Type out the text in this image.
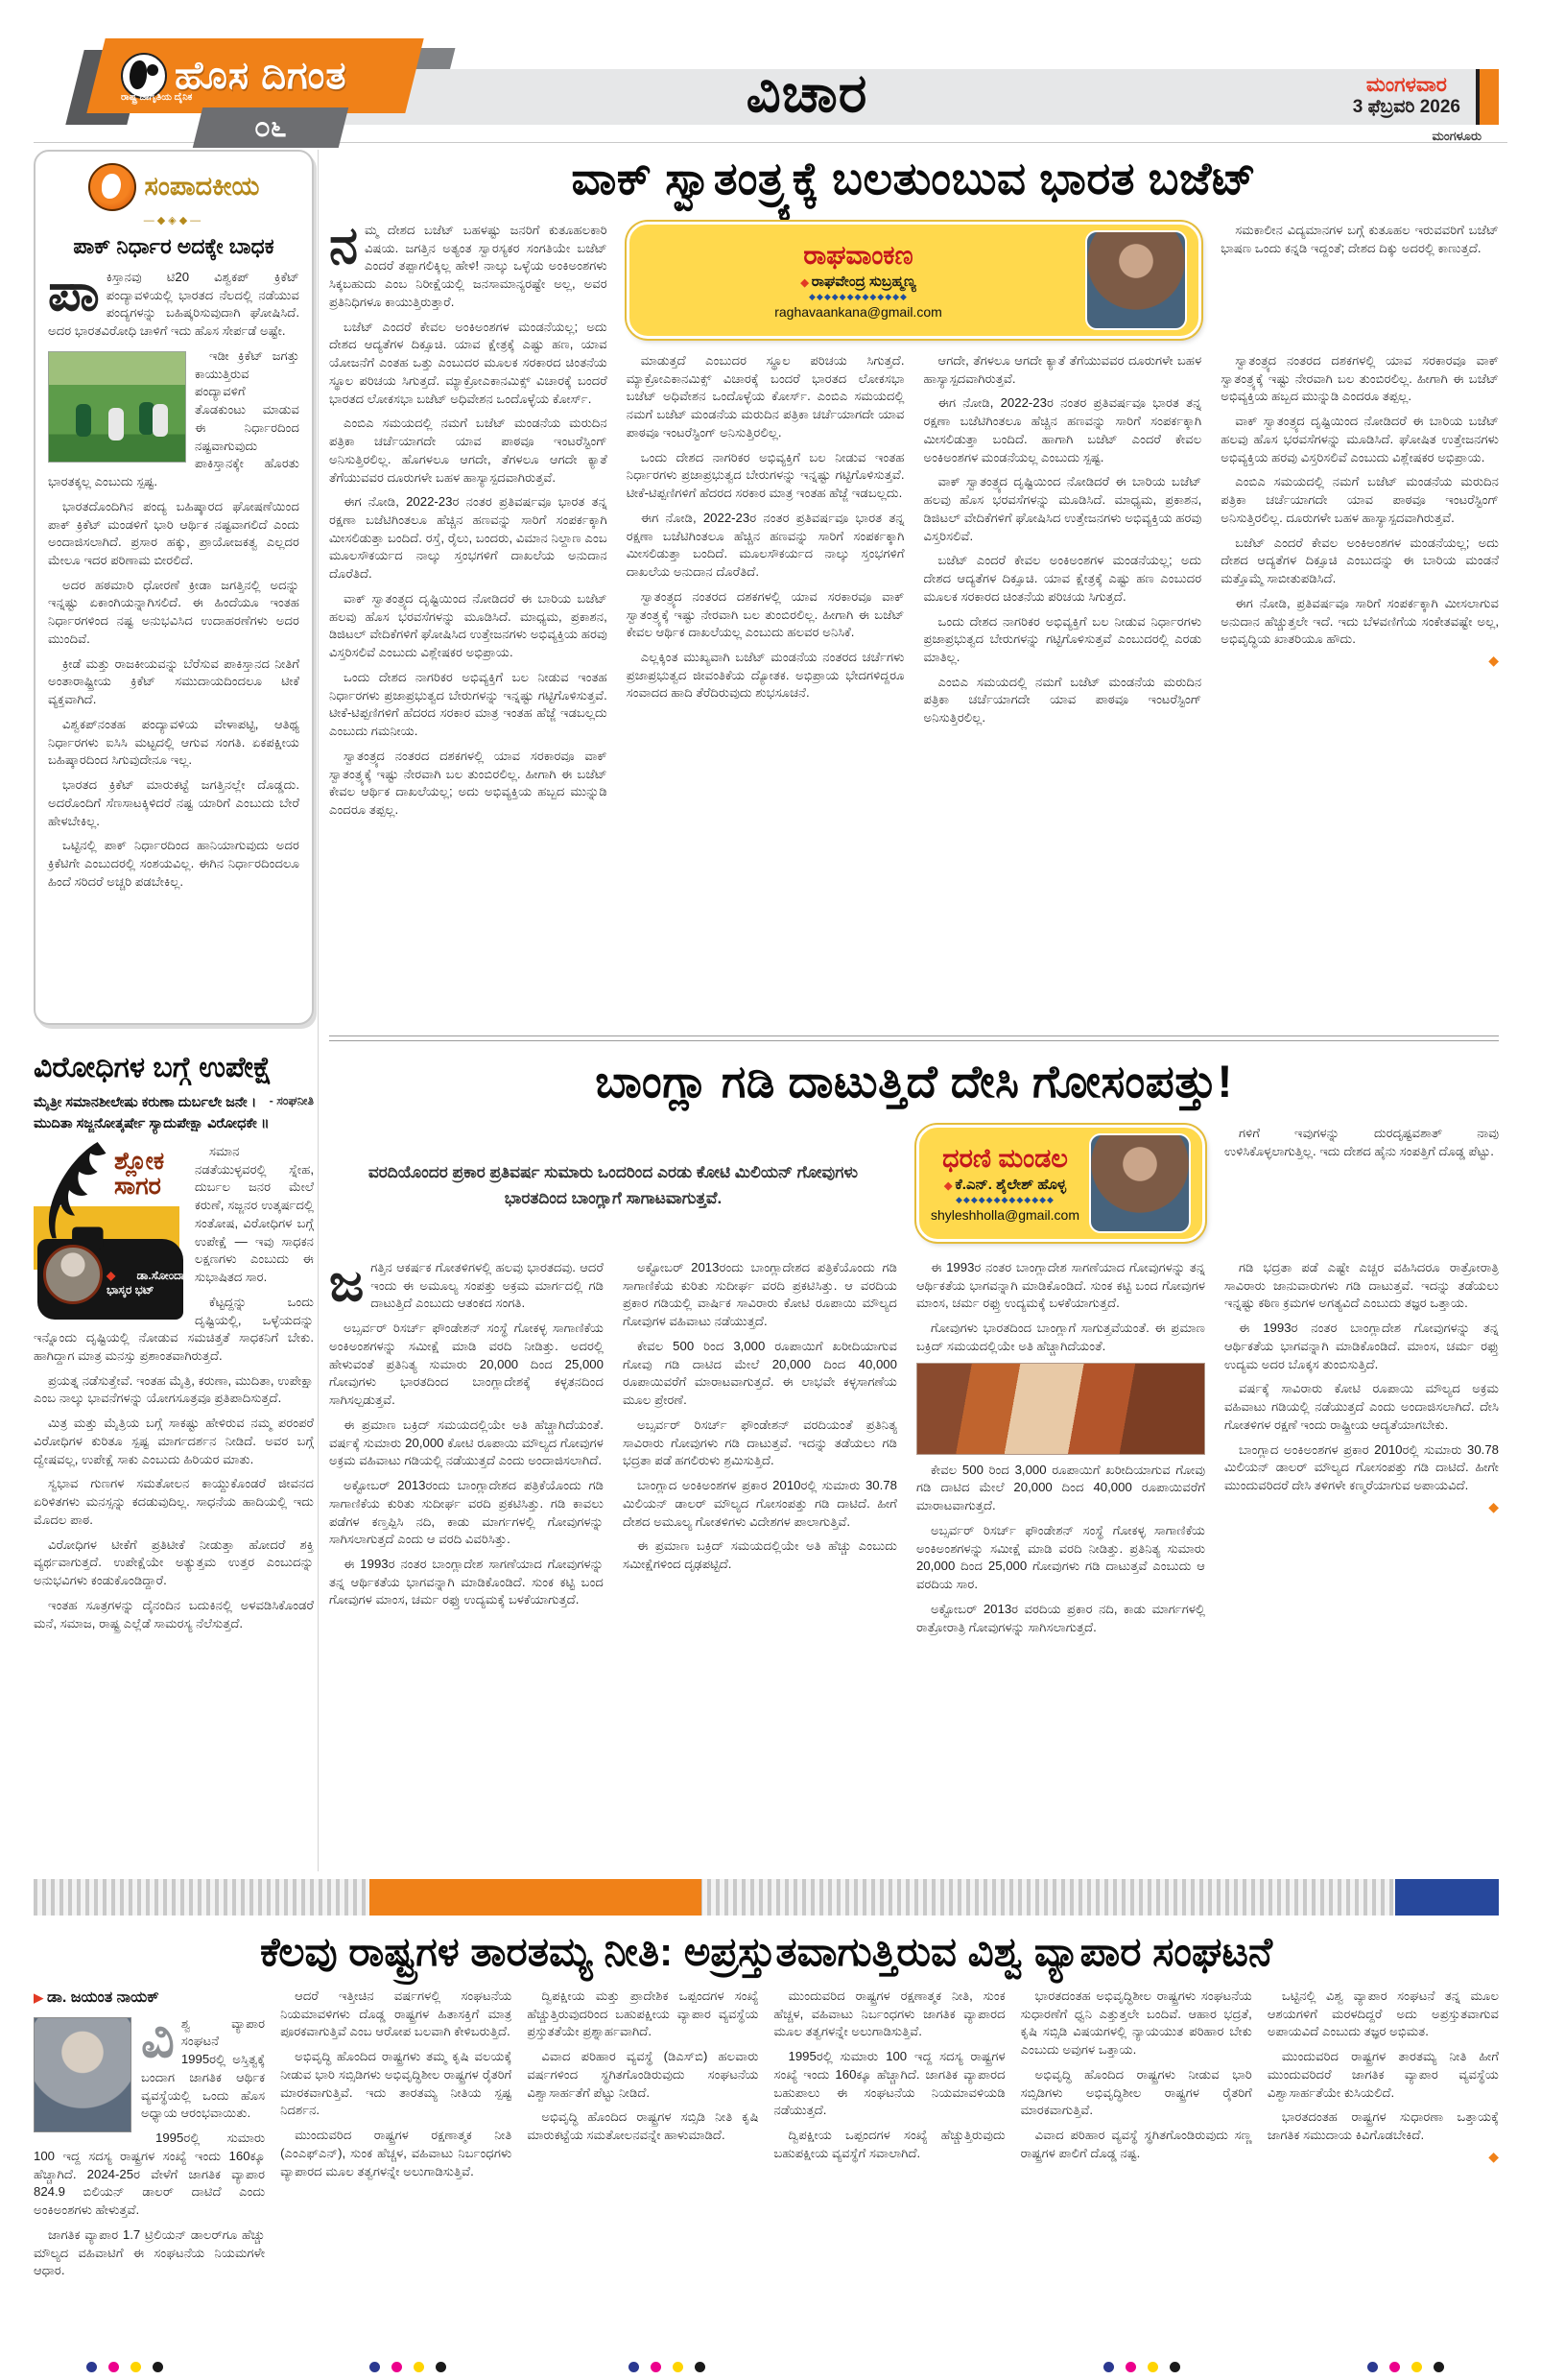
ಹೊಸ ದಿಗಂತ
ರಾಷ್ಟ್ರ ಜಾಗೃತಿಯ ದೈನಿಕ
೦೬
ವಿಚಾರ	ಮಂಗಳವಾರ
3 ಫೆಬ್ರವರಿ 2026
ಮಂಗಳೂರು
ಸಂಪಾದಕೀಯ
—◆◈◆—
ಪಾಕ್ ನಿರ್ಧಾರ ಅದಕ್ಕೇ ಬಾಧಕ

ಪಾಕಿಸ್ತಾನವು ಟಿ20 ವಿಶ್ವಕಪ್ ಕ್ರಿಕೆಟ್ ಪಂದ್ಯಾವಳಿಯಲ್ಲಿ ಭಾರತದ ನೆಲದಲ್ಲಿ ನಡೆಯುವ ಪಂದ್ಯಗಳನ್ನು ಬಹಿಷ್ಕರಿಸುವುದಾಗಿ ಘೋಷಿಸಿದೆ. ಅದರ ಭಾರತವಿರೋಧಿ ಚಾಳಿಗೆ ಇದು ಹೊಸ ಸೇರ್ಪಡೆ ಅಷ್ಟೇ.

ಇಡೀ ಕ್ರಿಕೆಟ್ ಜಗತ್ತು ಕಾಯುತ್ತಿರುವ ಪಂದ್ಯಾವಳಿಗೆ ತೊಡಕುಂಟು ಮಾಡುವ ಈ ನಿರ್ಧಾರದಿಂದ ನಷ್ಟವಾಗುವುದು ಪಾಕಿಸ್ತಾನಕ್ಕೇ ಹೊರತು ಭಾರತಕ್ಕಲ್ಲ ಎಂಬುದು ಸ್ಪಷ್ಟ.

ಭಾರತದೊಂದಿಗಿನ ಪಂದ್ಯ ಬಹಿಷ್ಕಾರದ ಘೋಷಣೆಯಿಂದ ಪಾಕ್ ಕ್ರಿಕೆಟ್ ಮಂಡಳಿಗೆ ಭಾರಿ ಆರ್ಥಿಕ ನಷ್ಟವಾಗಲಿದೆ ಎಂದು ಅಂದಾಜಿಸಲಾಗಿದೆ. ಪ್ರಸಾರ ಹಕ್ಕು, ಪ್ರಾಯೋಜಕತ್ವ ಎಲ್ಲದರ ಮೇಲೂ ಇದರ ಪರಿಣಾಮ ಬೀರಲಿದೆ.

ಅದರ ಹಠಮಾರಿ ಧೋರಣೆ ಕ್ರೀಡಾ ಜಗತ್ತಿನಲ್ಲಿ ಅದನ್ನು ಇನ್ನಷ್ಟು ಏಕಾಂಗಿಯನ್ನಾಗಿಸಲಿದೆ. ಈ ಹಿಂದೆಯೂ ಇಂತಹ ನಿರ್ಧಾರಗಳಿಂದ ನಷ್ಟ ಅನುಭವಿಸಿದ ಉದಾಹರಣೆಗಳು ಅದರ ಮುಂದಿವೆ.

ಕ್ರೀಡೆ ಮತ್ತು ರಾಜಕೀಯವನ್ನು ಬೆರೆಸುವ ಪಾಕಿಸ್ತಾನದ ನೀತಿಗೆ ಅಂತಾರಾಷ್ಟ್ರೀಯ ಕ್ರಿಕೆಟ್ ಸಮುದಾಯದಿಂದಲೂ ಟೀಕೆ ವ್ಯಕ್ತವಾಗಿದೆ.

ವಿಶ್ವಕಪ್‌ನಂತಹ ಪಂದ್ಯಾವಳಿಯ ವೇಳಾಪಟ್ಟಿ, ಆತಿಥ್ಯ ನಿರ್ಧಾರಗಳು ಐಸಿಸಿ ಮಟ್ಟದಲ್ಲಿ ಆಗುವ ಸಂಗತಿ. ಏಕಪಕ್ಷೀಯ ಬಹಿಷ್ಕಾರದಿಂದ ಸಿಗುವುದೇನೂ ಇಲ್ಲ.

ಭಾರತದ ಕ್ರಿಕೆಟ್ ಮಾರುಕಟ್ಟೆ ಜಗತ್ತಿನಲ್ಲೇ ದೊಡ್ಡದು. ಅದರೊಂದಿಗೆ ಸೆಣಸಾಟಕ್ಕಿಳಿದರೆ ನಷ್ಟ ಯಾರಿಗೆ ಎಂಬುದು ಬೇರೆ ಹೇಳಬೇಕಿಲ್ಲ.

ಒಟ್ಟಿನಲ್ಲಿ ಪಾಕ್ ನಿರ್ಧಾರದಿಂದ ಹಾನಿಯಾಗುವುದು ಅದರ ಕ್ರಿಕೆಟಿಗೇ ಎಂಬುದರಲ್ಲಿ ಸಂಶಯವಿಲ್ಲ. ಈಗಿನ ನಿರ್ಧಾರದಿಂದಲೂ ಹಿಂದೆ ಸರಿದರೆ ಅಚ್ಚರಿ ಪಡಬೇಕಿಲ್ಲ.

ವಿರೋಧಿಗಳ ಬಗ್ಗೆ ಉಪೇಕ್ಷೆ
ಮೈತ್ರೀ ಸಮಾನಶೀಲೇಷು ಕರುಣಾ ದುರ್ಬಲೇ ಜನೇ । - ಸಂಘನೀತಿ
ಮುದಿತಾ ಸಜ್ಜನೋತ್ಕರ್ಷೇ ಸ್ಯಾದುಪೇಕ್ಷಾ ವಿರೋಧಕೇ ॥
ಶ್ಲೋಕ
ಸಾಗರ
◆ ಡಾ.ಸೋಂದಾ ಭಾಸ್ಕರ ಭಟ್

ಸಮಾನ ನಡತೆಯುಳ್ಳವರಲ್ಲಿ ಸ್ನೇಹ, ದುರ್ಬಲ ಜನರ ಮೇಲೆ ಕರುಣೆ, ಸಜ್ಜನರ ಉತ್ಕರ್ಷದಲ್ಲಿ ಸಂತೋಷ, ವಿರೋಧಿಗಳ ಬಗ್ಗೆ ಉಪೇಕ್ಷೆ — ಇವು ಸಾಧಕನ ಲಕ್ಷಣಗಳು ಎಂಬುದು ಈ ಸುಭಾಷಿತದ ಸಾರ.

ಕೆಟ್ಟದ್ದನ್ನು ಒಂದು ದೃಷ್ಟಿಯಲ್ಲಿ, ಒಳ್ಳೆಯದನ್ನು ಇನ್ನೊಂದು ದೃಷ್ಟಿಯಲ್ಲಿ ನೋಡುವ ಸಮಚಿತ್ತತೆ ಸಾಧಕನಿಗೆ ಬೇಕು. ಹಾಗಿದ್ದಾಗ ಮಾತ್ರ ಮನಸ್ಸು ಪ್ರಶಾಂತವಾಗಿರುತ್ತದೆ.

ಪ್ರಯತ್ನ ನಡೆಸುತ್ತೇವೆ. ಇಂತಹ ಮೈತ್ರಿ, ಕರುಣಾ, ಮುದಿತಾ, ಉಪೇಕ್ಷಾ ಎಂಬ ನಾಲ್ಕು ಭಾವನೆಗಳನ್ನು ಯೋಗಸೂತ್ರವೂ ಪ್ರತಿಪಾದಿಸುತ್ತದೆ.

ಮಿತ್ರ ಮತ್ತು ಮೈತ್ರಿಯ ಬಗ್ಗೆ ಸಾಕಷ್ಟು ಹೇಳಿರುವ ನಮ್ಮ ಪರಂಪರೆ ವಿರೋಧಿಗಳ ಕುರಿತೂ ಸ್ಪಷ್ಟ ಮಾರ್ಗದರ್ಶನ ನೀಡಿದೆ. ಅವರ ಬಗ್ಗೆ ದ್ವೇಷವಲ್ಲ, ಉಪೇಕ್ಷೆ ಸಾಕು ಎಂಬುದು ಹಿರಿಯರ ಮಾತು.

ಸ್ವಭಾವ ಗುಣಗಳ ಸಮತೋಲನ ಕಾಯ್ದುಕೊಂಡರೆ ಜೀವನದ ಏರಿಳಿತಗಳು ಮನಸ್ಸನ್ನು ಕದಡುವುದಿಲ್ಲ. ಸಾಧನೆಯ ಹಾದಿಯಲ್ಲಿ ಇದು ಮೊದಲ ಪಾಠ.

ವಿರೋಧಿಗಳ ಟೀಕೆಗೆ ಪ್ರತಿಟೀಕೆ ನೀಡುತ್ತಾ ಹೋದರೆ ಶಕ್ತಿ ವ್ಯರ್ಥವಾಗುತ್ತದೆ. ಉಪೇಕ್ಷೆಯೇ ಅತ್ಯುತ್ತಮ ಉತ್ತರ ಎಂಬುದನ್ನು ಅನುಭವಿಗಳು ಕಂಡುಕೊಂಡಿದ್ದಾರೆ.

ಇಂತಹ ಸೂತ್ರಗಳನ್ನು ದೈನಂದಿನ ಬದುಕಿನಲ್ಲಿ ಅಳವಡಿಸಿಕೊಂಡರೆ ಮನೆ, ಸಮಾಜ, ರಾಷ್ಟ್ರ ಎಲ್ಲೆಡೆ ಸಾಮರಸ್ಯ ನೆಲೆಸುತ್ತದೆ.

ವಾಕ್ ಸ್ವಾತಂತ್ರ್ಯಕ್ಕೆ ಬಲತುಂಬುವ ಭಾರತ ಬಜೆಟ್

ನಮ್ಮ ದೇಶದ ಬಜೆಟ್ ಬಹಳಷ್ಟು ಜನರಿಗೆ ಕುತೂಹಲಕಾರಿ ವಿಷಯ. ಜಗತ್ತಿನ ಅತ್ಯಂತ ಸ್ವಾರಸ್ಯಕರ ಸಂಗತಿಯೇ ಬಜೆಟ್ ಎಂದರೆ ತಪ್ಪಾಗಲಿಕ್ಕಿಲ್ಲ ಹೇಳಿ! ನಾಲ್ಕು ಒಳ್ಳೆಯ ಅಂಕಿಅಂಶಗಳು ಸಿಕ್ಕಬಹುದು ಎಂಬ ನಿರೀಕ್ಷೆಯಲ್ಲಿ ಜನಸಾಮಾನ್ಯರಷ್ಟೇ ಅಲ್ಲ, ಅವರ ಪ್ರತಿನಿಧಿಗಳೂ ಕಾಯುತ್ತಿರುತ್ತಾರೆ.

ಬಜೆಟ್ ಎಂದರೆ ಕೇವಲ ಅಂಕಿಅಂಶಗಳ ಮಂಡನೆಯಲ್ಲ; ಅದು ದೇಶದ ಆದ್ಯತೆಗಳ ದಿಕ್ಸೂಚಿ. ಯಾವ ಕ್ಷೇತ್ರಕ್ಕೆ ಎಷ್ಟು ಹಣ, ಯಾವ ಯೋಜನೆಗೆ ಎಂತಹ ಒತ್ತು ಎಂಬುದರ ಮೂಲಕ ಸರಕಾರದ ಚಿಂತನೆಯ ಸ್ಥೂಲ ಪರಿಚಯ ಸಿಗುತ್ತದೆ. ಮ್ಯಾಕ್ರೋಎಕಾನಮಿಕ್ಸ್ ವಿಚಾರಕ್ಕೆ ಬಂದರೆ ಭಾರತದ ಲೋಕಸಭಾ ಬಜೆಟ್ ಅಧಿವೇಶನ ಒಂದೊಳ್ಳೆಯ ಕೋರ್ಸ್.

ಎಂಬಿಎ ಸಮಯದಲ್ಲಿ ನಮಗೆ ಬಜೆಟ್ ಮಂಡನೆಯ ಮರುದಿನ ಪತ್ರಿಕಾ ಚರ್ಚೆಯಾಗದೇ ಯಾವ ಪಾಠವೂ ಇಂಟರೆಸ್ಟಿಂಗ್ ಅನಿಸುತ್ತಿರಲಿಲ್ಲ. ಹೊಗಳಲೂ ಆಗದೇ, ತೆಗಳಲೂ ಆಗದೇ ಕ್ಯಾತೆ ತೆಗೆಯುವವರ ದೂರುಗಳೇ ಬಹಳ ಹಾಸ್ಯಾಸ್ಪದವಾಗಿರುತ್ತವೆ.

ಈಗ ನೋಡಿ, 2022-23ರ ನಂತರ ಪ್ರತಿವರ್ಷವೂ ಭಾರತ ತನ್ನ ರಕ್ಷಣಾ ಬಜೆಟಿಗಿಂತಲೂ ಹೆಚ್ಚಿನ ಹಣವನ್ನು ಸಾರಿಗೆ ಸಂಪರ್ಕಕ್ಕಾಗಿ ಮೀಸಲಿಡುತ್ತಾ ಬಂದಿದೆ. ರಸ್ತೆ, ರೈಲು, ಬಂದರು, ವಿಮಾನ ನಿಲ್ದಾಣ ಎಂಬ ಮೂಲಸೌಕರ್ಯದ ನಾಲ್ಕು ಸ್ತಂಭಗಳಿಗೆ ದಾಖಲೆಯ ಅನುದಾನ ದೊರೆತಿದೆ.

ವಾಕ್ ಸ್ವಾತಂತ್ರ್ಯದ ದೃಷ್ಟಿಯಿಂದ ನೋಡಿದರೆ ಈ ಬಾರಿಯ ಬಜೆಟ್ ಹಲವು ಹೊಸ ಭರವಸೆಗಳನ್ನು ಮೂಡಿಸಿದೆ. ಮಾಧ್ಯಮ, ಪ್ರಕಾಶನ, ಡಿಜಿಟಲ್ ವೇದಿಕೆಗಳಿಗೆ ಘೋಷಿಸಿದ ಉತ್ತೇಜನಗಳು ಅಭಿವ್ಯಕ್ತಿಯ ಹರವು ವಿಸ್ತರಿಸಲಿವೆ ಎಂಬುದು ವಿಶ್ಲೇಷಕರ ಅಭಿಪ್ರಾಯ.

ಒಂದು ದೇಶದ ನಾಗರಿಕರ ಅಭಿವ್ಯಕ್ತಿಗೆ ಬಲ ನೀಡುವ ಇಂತಹ ನಿರ್ಧಾರಗಳು ಪ್ರಜಾಪ್ರಭುತ್ವದ ಬೇರುಗಳನ್ನು ಇನ್ನಷ್ಟು ಗಟ್ಟಿಗೊಳಿಸುತ್ತವೆ. ಟೀಕೆ-ಟಿಪ್ಪಣಿಗಳಿಗೆ ಹೆದರದ ಸರಕಾರ ಮಾತ್ರ ಇಂತಹ ಹೆಜ್ಜೆ ಇಡಬಲ್ಲದು ಎಂಬುದು ಗಮನೀಯ.

ಸ್ವಾತಂತ್ರ್ಯದ ನಂತರದ ದಶಕಗಳಲ್ಲಿ ಯಾವ ಸರಕಾರವೂ ವಾಕ್ ಸ್ವಾತಂತ್ರ್ಯಕ್ಕೆ ಇಷ್ಟು ನೇರವಾಗಿ ಬಲ ತುಂಬಿರಲಿಲ್ಲ. ಹೀಗಾಗಿ ಈ ಬಜೆಟ್ ಕೇವಲ ಆರ್ಥಿಕ ದಾಖಲೆಯಲ್ಲ; ಅದು ಅಭಿವ್ಯಕ್ತಿಯ ಹಬ್ಬದ ಮುನ್ನುಡಿ ಎಂದರೂ ತಪ್ಪಲ್ಲ.

ರಾಘವಾಂಕಣ
◆ ರಾಘವೇಂದ್ರ ಸುಬ್ರಹ್ಮಣ್ಯ
◆◆◆◆◆◆◆◆◆◆◆◆◆
raghavaankana@gmail.com

ಸಮಕಾಲೀನ ವಿದ್ಯಮಾನಗಳ ಬಗ್ಗೆ ಕುತೂಹಲ ಇರುವವರಿಗೆ ಬಜೆಟ್ ಭಾಷಣ ಒಂದು ಕನ್ನಡಿ ಇದ್ದಂತೆ; ದೇಶದ ದಿಕ್ಕು ಅದರಲ್ಲಿ ಕಾಣುತ್ತದೆ.

ಮಾಡುತ್ತದೆ ಎಂಬುದರ ಸ್ಥೂಲ ಪರಿಚಯ ಸಿಗುತ್ತದೆ. ಮ್ಯಾಕ್ರೋಎಕಾನಮಿಕ್ಸ್ ವಿಚಾರಕ್ಕೆ ಬಂದರೆ ಭಾರತದ ಲೋಕಸಭಾ ಬಜೆಟ್ ಅಧಿವೇಶನ ಒಂದೊಳ್ಳೆಯ ಕೋರ್ಸ್. ಎಂಬಿಎ ಸಮಯದಲ್ಲಿ ನಮಗೆ ಬಜೆಟ್ ಮಂಡನೆಯ ಮರುದಿನ ಪತ್ರಿಕಾ ಚರ್ಚೆಯಾಗದೇ ಯಾವ ಪಾಠವೂ ಇಂಟರೆಸ್ಟಿಂಗ್ ಅನಿಸುತ್ತಿರಲಿಲ್ಲ.

ಒಂದು ದೇಶದ ನಾಗರಿಕರ ಅಭಿವ್ಯಕ್ತಿಗೆ ಬಲ ನೀಡುವ ಇಂತಹ ನಿರ್ಧಾರಗಳು ಪ್ರಜಾಪ್ರಭುತ್ವದ ಬೇರುಗಳನ್ನು ಇನ್ನಷ್ಟು ಗಟ್ಟಿಗೊಳಿಸುತ್ತವೆ. ಟೀಕೆ-ಟಿಪ್ಪಣಿಗಳಿಗೆ ಹೆದರದ ಸರಕಾರ ಮಾತ್ರ ಇಂತಹ ಹೆಜ್ಜೆ ಇಡಬಲ್ಲದು.

ಈಗ ನೋಡಿ, 2022-23ರ ನಂತರ ಪ್ರತಿವರ್ಷವೂ ಭಾರತ ತನ್ನ ರಕ್ಷಣಾ ಬಜೆಟಿಗಿಂತಲೂ ಹೆಚ್ಚಿನ ಹಣವನ್ನು ಸಾರಿಗೆ ಸಂಪರ್ಕಕ್ಕಾಗಿ ಮೀಸಲಿಡುತ್ತಾ ಬಂದಿದೆ. ಮೂಲಸೌಕರ್ಯದ ನಾಲ್ಕು ಸ್ತಂಭಗಳಿಗೆ ದಾಖಲೆಯ ಅನುದಾನ ದೊರೆತಿದೆ.

ಸ್ವಾತಂತ್ರ್ಯದ ನಂತರದ ದಶಕಗಳಲ್ಲಿ ಯಾವ ಸರಕಾರವೂ ವಾಕ್ ಸ್ವಾತಂತ್ರ್ಯಕ್ಕೆ ಇಷ್ಟು ನೇರವಾಗಿ ಬಲ ತುಂಬಿರಲಿಲ್ಲ. ಹೀಗಾಗಿ ಈ ಬಜೆಟ್ ಕೇವಲ ಆರ್ಥಿಕ ದಾಖಲೆಯಲ್ಲ ಎಂಬುದು ಹಲವರ ಅನಿಸಿಕೆ.

ಎಲ್ಲಕ್ಕಿಂತ ಮುಖ್ಯವಾಗಿ ಬಜೆಟ್ ಮಂಡನೆಯ ನಂತರದ ಚರ್ಚೆಗಳು ಪ್ರಜಾಪ್ರಭುತ್ವದ ಜೀವಂತಿಕೆಯ ದ್ಯೋತಕ. ಅಭಿಪ್ರಾಯ ಭೇದಗಳಿದ್ದರೂ ಸಂವಾದದ ಹಾದಿ ತೆರೆದಿರುವುದು ಶುಭಸೂಚನೆ.

ಆಗದೇ, ತೆಗಳಲೂ ಆಗದೇ ಕ್ಯಾತೆ ತೆಗೆಯುವವರ ದೂರುಗಳೇ ಬಹಳ ಹಾಸ್ಯಾಸ್ಪದವಾಗಿರುತ್ತವೆ.

ಈಗ ನೋಡಿ, 2022-23ರ ನಂತರ ಪ್ರತಿವರ್ಷವೂ ಭಾರತ ತನ್ನ ರಕ್ಷಣಾ ಬಜೆಟಿಗಿಂತಲೂ ಹೆಚ್ಚಿನ ಹಣವನ್ನು ಸಾರಿಗೆ ಸಂಪರ್ಕಕ್ಕಾಗಿ ಮೀಸಲಿಡುತ್ತಾ ಬಂದಿದೆ. ಹಾಗಾಗಿ ಬಜೆಟ್ ಎಂದರೆ ಕೇವಲ ಅಂಕಿಅಂಶಗಳ ಮಂಡನೆಯಲ್ಲ ಎಂಬುದು ಸ್ಪಷ್ಟ.

ವಾಕ್ ಸ್ವಾತಂತ್ರ್ಯದ ದೃಷ್ಟಿಯಿಂದ ನೋಡಿದರೆ ಈ ಬಾರಿಯ ಬಜೆಟ್ ಹಲವು ಹೊಸ ಭರವಸೆಗಳನ್ನು ಮೂಡಿಸಿದೆ. ಮಾಧ್ಯಮ, ಪ್ರಕಾಶನ, ಡಿಜಿಟಲ್ ವೇದಿಕೆಗಳಿಗೆ ಘೋಷಿಸಿದ ಉತ್ತೇಜನಗಳು ಅಭಿವ್ಯಕ್ತಿಯ ಹರವು ವಿಸ್ತರಿಸಲಿವೆ.

ಬಜೆಟ್ ಎಂದರೆ ಕೇವಲ ಅಂಕಿಅಂಶಗಳ ಮಂಡನೆಯಲ್ಲ; ಅದು ದೇಶದ ಆದ್ಯತೆಗಳ ದಿಕ್ಸೂಚಿ. ಯಾವ ಕ್ಷೇತ್ರಕ್ಕೆ ಎಷ್ಟು ಹಣ ಎಂಬುದರ ಮೂಲಕ ಸರಕಾರದ ಚಿಂತನೆಯ ಪರಿಚಯ ಸಿಗುತ್ತದೆ.

ಒಂದು ದೇಶದ ನಾಗರಿಕರ ಅಭಿವ್ಯಕ್ತಿಗೆ ಬಲ ನೀಡುವ ನಿರ್ಧಾರಗಳು ಪ್ರಜಾಪ್ರಭುತ್ವದ ಬೇರುಗಳನ್ನು ಗಟ್ಟಿಗೊಳಿಸುತ್ತವೆ ಎಂಬುದರಲ್ಲಿ ಎರಡು ಮಾತಿಲ್ಲ.

ಎಂಬಿಎ ಸಮಯದಲ್ಲಿ ನಮಗೆ ಬಜೆಟ್ ಮಂಡನೆಯ ಮರುದಿನ ಪತ್ರಿಕಾ ಚರ್ಚೆಯಾಗದೇ ಯಾವ ಪಾಠವೂ ಇಂಟರೆಸ್ಟಿಂಗ್ ಅನಿಸುತ್ತಿರಲಿಲ್ಲ.

ಸ್ವಾತಂತ್ರ್ಯದ ನಂತರದ ದಶಕಗಳಲ್ಲಿ ಯಾವ ಸರಕಾರವೂ ವಾಕ್ ಸ್ವಾತಂತ್ರ್ಯಕ್ಕೆ ಇಷ್ಟು ನೇರವಾಗಿ ಬಲ ತುಂಬಿರಲಿಲ್ಲ. ಹೀಗಾಗಿ ಈ ಬಜೆಟ್ ಅಭಿವ್ಯಕ್ತಿಯ ಹಬ್ಬದ ಮುನ್ನುಡಿ ಎಂದರೂ ತಪ್ಪಲ್ಲ.

ವಾಕ್ ಸ್ವಾತಂತ್ರ್ಯದ ದೃಷ್ಟಿಯಿಂದ ನೋಡಿದರೆ ಈ ಬಾರಿಯ ಬಜೆಟ್ ಹಲವು ಹೊಸ ಭರವಸೆಗಳನ್ನು ಮೂಡಿಸಿದೆ. ಘೋಷಿತ ಉತ್ತೇಜನಗಳು ಅಭಿವ್ಯಕ್ತಿಯ ಹರವು ವಿಸ್ತರಿಸಲಿವೆ ಎಂಬುದು ವಿಶ್ಲೇಷಕರ ಅಭಿಪ್ರಾಯ.

ಎಂಬಿಎ ಸಮಯದಲ್ಲಿ ನಮಗೆ ಬಜೆಟ್ ಮಂಡನೆಯ ಮರುದಿನ ಪತ್ರಿಕಾ ಚರ್ಚೆಯಾಗದೇ ಯಾವ ಪಾಠವೂ ಇಂಟರೆಸ್ಟಿಂಗ್ ಅನಿಸುತ್ತಿರಲಿಲ್ಲ. ದೂರುಗಳೇ ಬಹಳ ಹಾಸ್ಯಾಸ್ಪದವಾಗಿರುತ್ತವೆ.

ಬಜೆಟ್ ಎಂದರೆ ಕೇವಲ ಅಂಕಿಅಂಶಗಳ ಮಂಡನೆಯಲ್ಲ; ಅದು ದೇಶದ ಆದ್ಯತೆಗಳ ದಿಕ್ಸೂಚಿ ಎಂಬುದನ್ನು ಈ ಬಾರಿಯ ಮಂಡನೆ ಮತ್ತೊಮ್ಮೆ ಸಾಬೀತುಪಡಿಸಿದೆ.

ಈಗ ನೋಡಿ, ಪ್ರತಿವರ್ಷವೂ ಸಾರಿಗೆ ಸಂಪರ್ಕಕ್ಕಾಗಿ ಮೀಸಲಾಗುವ ಅನುದಾನ ಹೆಚ್ಚುತ್ತಲೇ ಇದೆ. ಇದು ಬೆಳವಣಿಗೆಯ ಸಂಕೇತವಷ್ಟೇ ಅಲ್ಲ, ಅಭಿವೃದ್ಧಿಯ ಖಾತರಿಯೂ ಹೌದು.

◆
ಬಾಂಗ್ಲಾ ಗಡಿ ದಾಟುತ್ತಿದೆ ದೇಸಿ ಗೋಸಂಪತ್ತು!
ವರದಿಯೊಂದರ ಪ್ರಕಾರ ಪ್ರತಿವರ್ಷ ಸುಮಾರು ಒಂದರಿಂದ ಎರಡು ಕೋಟಿ ಮಿಲಿಯನ್ ಗೋವುಗಳು ಭಾರತದಿಂದ ಬಾಂಗ್ಲಾಗೆ ಸಾಗಾಟವಾಗುತ್ತವೆ.
ಧರಣಿ ಮಂಡಲ
◆ ಕೆ.ಎನ್. ಶೈಲೇಶ್ ಹೊಳ್ಳ
◆◆◆◆◆◆◆◆◆◆◆◆◆
shyleshholla@gmail.com

ಗಳಿಗೆ ಇವುಗಳನ್ನು ದುರದೃಷ್ಟವಶಾತ್ ನಾವು ಉಳಿಸಿಕೊಳ್ಳಲಾಗುತ್ತಿಲ್ಲ. ಇದು ದೇಶದ ಹೈನು ಸಂಪತ್ತಿಗೆ ದೊಡ್ಡ ಪೆಟ್ಟು.

ಜಗತ್ತಿನ ಆಕರ್ಷಕ ಗೋತಳಿಗಳಲ್ಲಿ ಹಲವು ಭಾರತದವು. ಆದರೆ ಇಂದು ಈ ಅಮೂಲ್ಯ ಸಂಪತ್ತು ಅಕ್ರಮ ಮಾರ್ಗದಲ್ಲಿ ಗಡಿ ದಾಟುತ್ತಿದೆ ಎಂಬುದು ಆತಂಕದ ಸಂಗತಿ.

ಅಬ್ಸರ್ವರ್ ರಿಸರ್ಚ್ ಫೌಂಡೇಶನ್ ಸಂಸ್ಥೆ ಗೋಕಳ್ಳ ಸಾಗಾಣಿಕೆಯ ಅಂಕಿಅಂಶಗಳನ್ನು ಸಮೀಕ್ಷೆ ಮಾಡಿ ವರದಿ ನೀಡಿತ್ತು. ಅದರಲ್ಲಿ ಹೇಳುವಂತೆ ಪ್ರತಿನಿತ್ಯ ಸುಮಾರು 20,000 ದಿಂದ 25,000 ಗೋವುಗಳು ಭಾರತದಿಂದ ಬಾಂಗ್ಲಾದೇಶಕ್ಕೆ ಕಳ್ಳತನದಿಂದ ಸಾಗಿಸಲ್ಪಡುತ್ತವೆ.

ಈ ಪ್ರಮಾಣ ಬಕ್ರಿದ್ ಸಮಯದಲ್ಲಿಯೇ ಅತಿ ಹೆಚ್ಚಾಗಿದೆಯಂತೆ. ವರ್ಷಕ್ಕೆ ಸುಮಾರು 20,000 ಕೋಟಿ ರೂಪಾಯಿ ಮೌಲ್ಯದ ಗೋವುಗಳ ಅಕ್ರಮ ವಹಿವಾಟು ಗಡಿಯಲ್ಲಿ ನಡೆಯುತ್ತದೆ ಎಂದು ಅಂದಾಜಿಸಲಾಗಿದೆ.

ಅಕ್ಟೋಬರ್ 2013ರಂದು ಬಾಂಗ್ಲಾದೇಶದ ಪತ್ರಿಕೆಯೊಂದು ಗಡಿ ಸಾಗಾಣಿಕೆಯ ಕುರಿತು ಸುದೀರ್ಘ ವರದಿ ಪ್ರಕಟಿಸಿತ್ತು. ಗಡಿ ಕಾವಲು ಪಡೆಗಳ ಕಣ್ತಪ್ಪಿಸಿ ನದಿ, ಕಾಡು ಮಾರ್ಗಗಳಲ್ಲಿ ಗೋವುಗಳನ್ನು ಸಾಗಿಸಲಾಗುತ್ತದೆ ಎಂದು ಆ ವರದಿ ವಿವರಿಸಿತ್ತು.

ಈ 1993ರ ನಂತರ ಬಾಂಗ್ಲಾದೇಶ ಸಾಗಣೆಯಾದ ಗೋವುಗಳನ್ನು ತನ್ನ ಆರ್ಥಿಕತೆಯ ಭಾಗವನ್ನಾಗಿ ಮಾಡಿಕೊಂಡಿದೆ. ಸುಂಕ ಕಟ್ಟಿ ಬಂದ ಗೋವುಗಳ ಮಾಂಸ, ಚರ್ಮ ರಫ್ತು ಉದ್ಯಮಕ್ಕೆ ಬಳಕೆಯಾಗುತ್ತದೆ.

ಅಕ್ಟೋಬರ್ 2013ರಂದು ಬಾಂಗ್ಲಾದೇಶದ ಪತ್ರಿಕೆಯೊಂದು ಗಡಿ ಸಾಗಾಣಿಕೆಯ ಕುರಿತು ಸುದೀರ್ಘ ವರದಿ ಪ್ರಕಟಿಸಿತ್ತು. ಆ ವರದಿಯ ಪ್ರಕಾರ ಗಡಿಯಲ್ಲಿ ವಾರ್ಷಿಕ ಸಾವಿರಾರು ಕೋಟಿ ರೂಪಾಯಿ ಮೌಲ್ಯದ ಗೋವುಗಳ ವಹಿವಾಟು ನಡೆಯುತ್ತದೆ.

ಕೇವಲ 500 ರಿಂದ 3,000 ರೂಪಾಯಿಗೆ ಖರೀದಿಯಾಗುವ ಗೋವು ಗಡಿ ದಾಟಿದ ಮೇಲೆ 20,000 ದಿಂದ 40,000 ರೂಪಾಯಿವರೆಗೆ ಮಾರಾಟವಾಗುತ್ತದೆ. ಈ ಲಾಭವೇ ಕಳ್ಳಸಾಗಣೆಯ ಮೂಲ ಪ್ರೇರಣೆ.

ಅಬ್ಸರ್ವರ್ ರಿಸರ್ಚ್ ಫೌಂಡೇಶನ್ ವರದಿಯಂತೆ ಪ್ರತಿನಿತ್ಯ ಸಾವಿರಾರು ಗೋವುಗಳು ಗಡಿ ದಾಟುತ್ತವೆ. ಇದನ್ನು ತಡೆಯಲು ಗಡಿ ಭದ್ರತಾ ಪಡೆ ಹಗಲಿರುಳು ಶ್ರಮಿಸುತ್ತಿದೆ.

ಬಾಂಗ್ಲಾದ ಅಂಕಿಅಂಶಗಳ ಪ್ರಕಾರ 2010ರಲ್ಲಿ ಸುಮಾರು 30.78 ಮಿಲಿಯನ್ ಡಾಲರ್ ಮೌಲ್ಯದ ಗೋಸಂಪತ್ತು ಗಡಿ ದಾಟಿದೆ. ಹೀಗೆ ದೇಶದ ಅಮೂಲ್ಯ ಗೋತಳಿಗಳು ವಿದೇಶಗಳ ಪಾಲಾಗುತ್ತಿವೆ.

ಈ ಪ್ರಮಾಣ ಬಕ್ರಿದ್ ಸಮಯದಲ್ಲಿಯೇ ಅತಿ ಹೆಚ್ಚು ಎಂಬುದು ಸಮೀಕ್ಷೆಗಳಿಂದ ದೃಢಪಟ್ಟಿದೆ.

ಈ 1993ರ ನಂತರ ಬಾಂಗ್ಲಾದೇಶ ಸಾಗಣೆಯಾದ ಗೋವುಗಳನ್ನು ತನ್ನ ಆರ್ಥಿಕತೆಯ ಭಾಗವನ್ನಾಗಿ ಮಾಡಿಕೊಂಡಿದೆ. ಸುಂಕ ಕಟ್ಟಿ ಬಂದ ಗೋವುಗಳ ಮಾಂಸ, ಚರ್ಮ ರಫ್ತು ಉದ್ಯಮಕ್ಕೆ ಬಳಕೆಯಾಗುತ್ತದೆ.

ಗೋವುಗಳು ಭಾರತದಿಂದ ಬಾಂಗ್ಲಾಗೆ ಸಾಗುತ್ತವೆಯಂತೆ. ಈ ಪ್ರಮಾಣ ಬಕ್ರಿದ್ ಸಮಯದಲ್ಲಿಯೇ ಅತಿ ಹೆಚ್ಚಾಗಿದೆಯಂತೆ.

ಕೇವಲ 500 ರಿಂದ 3,000 ರೂಪಾಯಿಗೆ ಖರೀದಿಯಾಗುವ ಗೋವು ಗಡಿ ದಾಟಿದ ಮೇಲೆ 20,000 ದಿಂದ 40,000 ರೂಪಾಯಿವರೆಗೆ ಮಾರಾಟವಾಗುತ್ತದೆ.

ಅಬ್ಸರ್ವರ್ ರಿಸರ್ಚ್ ಫೌಂಡೇಶನ್ ಸಂಸ್ಥೆ ಗೋಕಳ್ಳ ಸಾಗಾಣಿಕೆಯ ಅಂಕಿಅಂಶಗಳನ್ನು ಸಮೀಕ್ಷೆ ಮಾಡಿ ವರದಿ ನೀಡಿತ್ತು. ಪ್ರತಿನಿತ್ಯ ಸುಮಾರು 20,000 ದಿಂದ 25,000 ಗೋವುಗಳು ಗಡಿ ದಾಟುತ್ತವೆ ಎಂಬುದು ಆ ವರದಿಯ ಸಾರ.

ಅಕ್ಟೋಬರ್ 2013ರ ವರದಿಯ ಪ್ರಕಾರ ನದಿ, ಕಾಡು ಮಾರ್ಗಗಳಲ್ಲಿ ರಾತ್ರೋರಾತ್ರಿ ಗೋವುಗಳನ್ನು ಸಾಗಿಸಲಾಗುತ್ತದೆ.

ಗಡಿ ಭದ್ರತಾ ಪಡೆ ಎಷ್ಟೇ ಎಚ್ಚರ ವಹಿಸಿದರೂ ರಾತ್ರೋರಾತ್ರಿ ಸಾವಿರಾರು ಜಾನುವಾರುಗಳು ಗಡಿ ದಾಟುತ್ತವೆ. ಇದನ್ನು ತಡೆಯಲು ಇನ್ನಷ್ಟು ಕಠಿಣ ಕ್ರಮಗಳ ಅಗತ್ಯವಿದೆ ಎಂಬುದು ತಜ್ಞರ ಒತ್ತಾಯ.

ಈ 1993ರ ನಂತರ ಬಾಂಗ್ಲಾದೇಶ ಗೋವುಗಳನ್ನು ತನ್ನ ಆರ್ಥಿಕತೆಯ ಭಾಗವನ್ನಾಗಿ ಮಾಡಿಕೊಂಡಿದೆ. ಮಾಂಸ, ಚರ್ಮ ರಫ್ತು ಉದ್ಯಮ ಅದರ ಬೊಕ್ಕಸ ತುಂಬಿಸುತ್ತಿದೆ.

ವರ್ಷಕ್ಕೆ ಸಾವಿರಾರು ಕೋಟಿ ರೂಪಾಯಿ ಮೌಲ್ಯದ ಅಕ್ರಮ ವಹಿವಾಟು ಗಡಿಯಲ್ಲಿ ನಡೆಯುತ್ತದೆ ಎಂದು ಅಂದಾಜಿಸಲಾಗಿದೆ. ದೇಸಿ ಗೋತಳಿಗಳ ರಕ್ಷಣೆ ಇಂದು ರಾಷ್ಟ್ರೀಯ ಆದ್ಯತೆಯಾಗಬೇಕು.

ಬಾಂಗ್ಲಾದ ಅಂಕಿಅಂಶಗಳ ಪ್ರಕಾರ 2010ರಲ್ಲಿ ಸುಮಾರು 30.78 ಮಿಲಿಯನ್ ಡಾಲರ್ ಮೌಲ್ಯದ ಗೋಸಂಪತ್ತು ಗಡಿ ದಾಟಿದೆ. ಹೀಗೇ ಮುಂದುವರಿದರೆ ದೇಸಿ ತಳಿಗಳೇ ಕಣ್ಮರೆಯಾಗುವ ಅಪಾಯವಿದೆ.

◆
ಕೆಲವು ರಾಷ್ಟ್ರಗಳ ತಾರತಮ್ಯ ನೀತಿ: ಅಪ್ರಸ್ತುತವಾಗುತ್ತಿರುವ ವಿಶ್ವ ವ್ಯಾಪಾರ ಸಂಘಟನೆ
▶ ಡಾ. ಜಯಂತ ನಾಯಕ್

ವಿಶ್ವ ವ್ಯಾಪಾರ ಸಂಘಟನೆ 1995ರಲ್ಲಿ ಅಸ್ತಿತ್ವಕ್ಕೆ ಬಂದಾಗ ಜಾಗತಿಕ ಆರ್ಥಿಕ ವ್ಯವಸ್ಥೆಯಲ್ಲಿ ಒಂದು ಹೊಸ ಅಧ್ಯಾಯ ಆರಂಭವಾಯಿತು.

1995ರಲ್ಲಿ ಸುಮಾರು 100 ಇದ್ದ ಸದಸ್ಯ ರಾಷ್ಟ್ರಗಳ ಸಂಖ್ಯೆ ಇಂದು 160ಕ್ಕೂ ಹೆಚ್ಚಾಗಿದೆ. 2024-25ರ ವೇಳೆಗೆ ಜಾಗತಿಕ ವ್ಯಾಪಾರ 824.9 ಬಿಲಿಯನ್ ಡಾಲರ್ ದಾಟಿದೆ ಎಂದು ಅಂಕಿಅಂಶಗಳು ಹೇಳುತ್ತವೆ.

ಜಾಗತಿಕ ವ್ಯಾಪಾರ 1.7 ಟ್ರಿಲಿಯನ್ ಡಾಲರ್‌ಗೂ ಹೆಚ್ಚು ಮೌಲ್ಯದ ವಹಿವಾಟಿಗೆ ಈ ಸಂಘಟನೆಯ ನಿಯಮಗಳೇ ಆಧಾರ.

ಆದರೆ ಇತ್ತೀಚಿನ ವರ್ಷಗಳಲ್ಲಿ ಸಂಘಟನೆಯ ನಿಯಮಾವಳಿಗಳು ದೊಡ್ಡ ರಾಷ್ಟ್ರಗಳ ಹಿತಾಸಕ್ತಿಗೆ ಮಾತ್ರ ಪೂರಕವಾಗುತ್ತಿವೆ ಎಂಬ ಆರೋಪ ಬಲವಾಗಿ ಕೇಳಿಬರುತ್ತಿದೆ.

ಅಭಿವೃದ್ಧಿ ಹೊಂದಿದ ರಾಷ್ಟ್ರಗಳು ತಮ್ಮ ಕೃಷಿ ವಲಯಕ್ಕೆ ನೀಡುವ ಭಾರಿ ಸಬ್ಸಿಡಿಗಳು ಅಭಿವೃದ್ಧಿಶೀಲ ರಾಷ್ಟ್ರಗಳ ರೈತರಿಗೆ ಮಾರಕವಾಗುತ್ತಿವೆ. ಇದು ತಾರತಮ್ಯ ನೀತಿಯ ಸ್ಪಷ್ಟ ನಿದರ್ಶನ.

ಮುಂದುವರಿದ ರಾಷ್ಟ್ರಗಳ ರಕ್ಷಣಾತ್ಮಕ ನೀತಿ (ಎಂಎಫ್ಎನ್), ಸುಂಕ ಹೆಚ್ಚಳ, ವಹಿವಾಟು ನಿರ್ಬಂಧಗಳು ವ್ಯಾಪಾರದ ಮೂಲ ತತ್ವಗಳನ್ನೇ ಅಲುಗಾಡಿಸುತ್ತಿವೆ.

ದ್ವಿಪಕ್ಷೀಯ ಮತ್ತು ಪ್ರಾದೇಶಿಕ ಒಪ್ಪಂದಗಳ ಸಂಖ್ಯೆ ಹೆಚ್ಚುತ್ತಿರುವುದರಿಂದ ಬಹುಪಕ್ಷೀಯ ವ್ಯಾಪಾರ ವ್ಯವಸ್ಥೆಯ ಪ್ರಸ್ತುತತೆಯೇ ಪ್ರಶ್ನಾರ್ಹವಾಗಿದೆ.

ವಿವಾದ ಪರಿಹಾರ ವ್ಯವಸ್ಥೆ (ಡಿಎಸ್‌ಬಿ) ಹಲವಾರು ವರ್ಷಗಳಿಂದ ಸ್ಥಗಿತಗೊಂಡಿರುವುದು ಸಂಘಟನೆಯ ವಿಶ್ವಾಸಾರ್ಹತೆಗೆ ಪೆಟ್ಟು ನೀಡಿದೆ.

ಅಭಿವೃದ್ಧಿ ಹೊಂದಿದ ರಾಷ್ಟ್ರಗಳ ಸಬ್ಸಿಡಿ ನೀತಿ ಕೃಷಿ ಮಾರುಕಟ್ಟೆಯ ಸಮತೋಲನವನ್ನೇ ಹಾಳುಮಾಡಿದೆ.

ಮುಂದುವರಿದ ರಾಷ್ಟ್ರಗಳ ರಕ್ಷಣಾತ್ಮಕ ನೀತಿ, ಸುಂಕ ಹೆಚ್ಚಳ, ವಹಿವಾಟು ನಿರ್ಬಂಧಗಳು ಜಾಗತಿಕ ವ್ಯಾಪಾರದ ಮೂಲ ತತ್ವಗಳನ್ನೇ ಅಲುಗಾಡಿಸುತ್ತಿವೆ.

1995ರಲ್ಲಿ ಸುಮಾರು 100 ಇದ್ದ ಸದಸ್ಯ ರಾಷ್ಟ್ರಗಳ ಸಂಖ್ಯೆ ಇಂದು 160ಕ್ಕೂ ಹೆಚ್ಚಾಗಿದೆ. ಜಾಗತಿಕ ವ್ಯಾಪಾರದ ಬಹುಪಾಲು ಈ ಸಂಘಟನೆಯ ನಿಯಮಾವಳಿಯಡಿ ನಡೆಯುತ್ತದೆ.

ದ್ವಿಪಕ್ಷೀಯ ಒಪ್ಪಂದಗಳ ಸಂಖ್ಯೆ ಹೆಚ್ಚುತ್ತಿರುವುದು ಬಹುಪಕ್ಷೀಯ ವ್ಯವಸ್ಥೆಗೆ ಸವಾಲಾಗಿದೆ.

ಭಾರತದಂತಹ ಅಭಿವೃದ್ಧಿಶೀಲ ರಾಷ್ಟ್ರಗಳು ಸಂಘಟನೆಯ ಸುಧಾರಣೆಗೆ ಧ್ವನಿ ಎತ್ತುತ್ತಲೇ ಬಂದಿವೆ. ಆಹಾರ ಭದ್ರತೆ, ಕೃಷಿ ಸಬ್ಸಿಡಿ ವಿಷಯಗಳಲ್ಲಿ ನ್ಯಾಯಯುತ ಪರಿಹಾರ ಬೇಕು ಎಂಬುದು ಅವುಗಳ ಒತ್ತಾಯ.

ಅಭಿವೃದ್ಧಿ ಹೊಂದಿದ ರಾಷ್ಟ್ರಗಳು ನೀಡುವ ಭಾರಿ ಸಬ್ಸಿಡಿಗಳು ಅಭಿವೃದ್ಧಿಶೀಲ ರಾಷ್ಟ್ರಗಳ ರೈತರಿಗೆ ಮಾರಕವಾಗುತ್ತಿವೆ.

ವಿವಾದ ಪರಿಹಾರ ವ್ಯವಸ್ಥೆ ಸ್ಥಗಿತಗೊಂಡಿರುವುದು ಸಣ್ಣ ರಾಷ್ಟ್ರಗಳ ಪಾಲಿಗೆ ದೊಡ್ಡ ನಷ್ಟ.

ಒಟ್ಟಿನಲ್ಲಿ ವಿಶ್ವ ವ್ಯಾಪಾರ ಸಂಘಟನೆ ತನ್ನ ಮೂಲ ಆಶಯಗಳಿಗೆ ಮರಳದಿದ್ದರೆ ಅದು ಅಪ್ರಸ್ತುತವಾಗುವ ಅಪಾಯವಿದೆ ಎಂಬುದು ತಜ್ಞರ ಅಭಿಮತ.

ಮುಂದುವರಿದ ರಾಷ್ಟ್ರಗಳ ತಾರತಮ್ಯ ನೀತಿ ಹೀಗೆ ಮುಂದುವರಿದರೆ ಜಾಗತಿಕ ವ್ಯಾಪಾರ ವ್ಯವಸ್ಥೆಯ ವಿಶ್ವಾಸಾರ್ಹತೆಯೇ ಕುಸಿಯಲಿದೆ.

ಭಾರತದಂತಹ ರಾಷ್ಟ್ರಗಳ ಸುಧಾರಣಾ ಒತ್ತಾಯಕ್ಕೆ ಜಾಗತಿಕ ಸಮುದಾಯ ಕಿವಿಗೊಡಬೇಕಿದೆ.

◆
